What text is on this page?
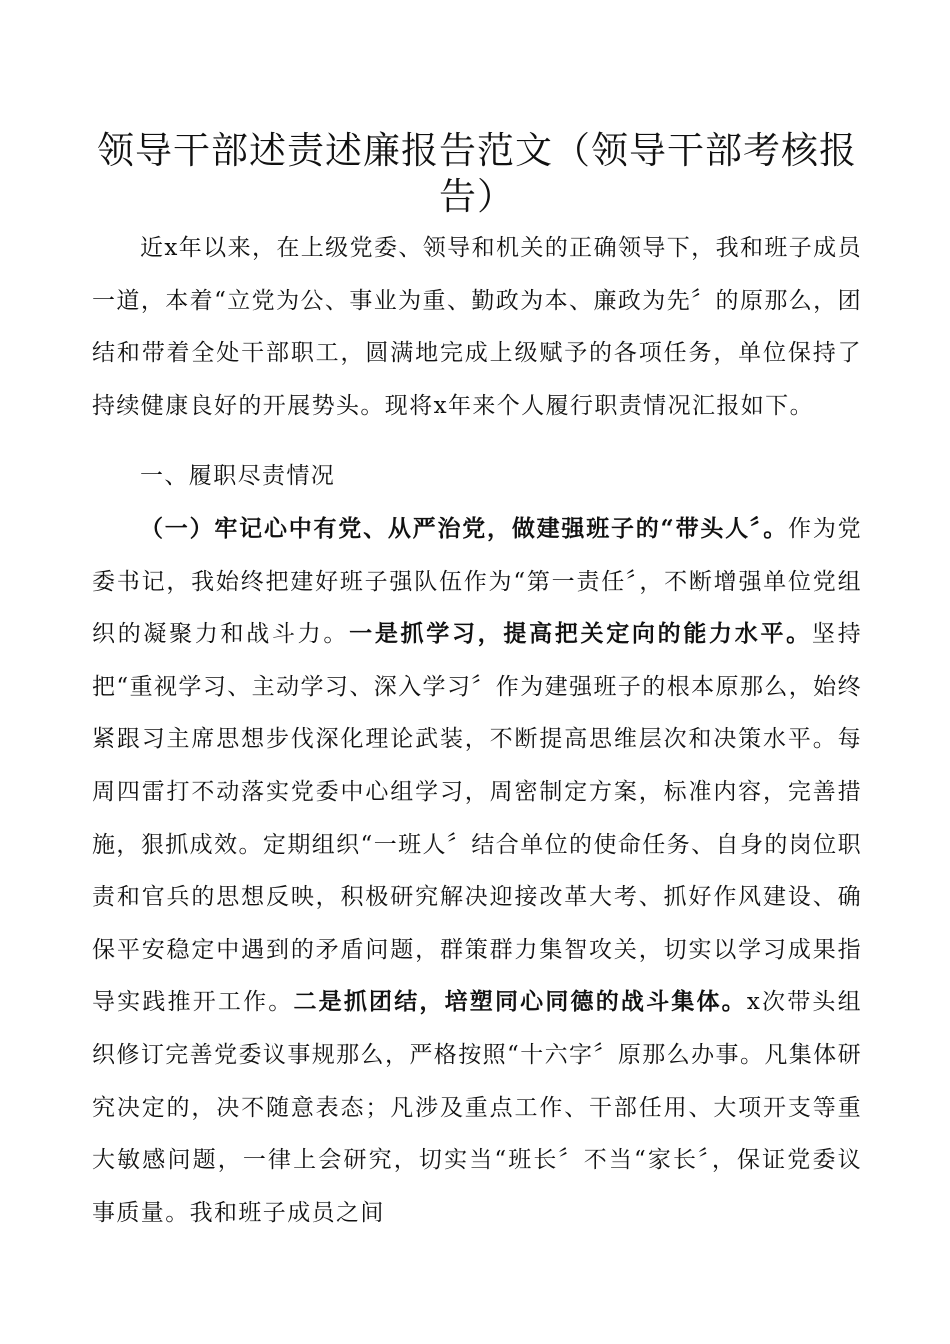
领导干部述责述廉报告范文（领导干部考核报
告）

近x年以来，在上级党委、领导和机关的正确领导下，我和班子成员一道，本着“立党为公、事业为重、勤政为本、廉政为先〞的原那么，团结和带着全处干部职工，圆满地完成上级赋予的各项任务，单位保持了持续健康良好的开展势头。现将x年来个人履行职责情况汇报如下。

一、履职尽责情况

（一）牢记心中有党、从严治党，做建强班子的“带头人〞。作为党委书记，我始终把建好班子强队伍作为“第一责任〞，不断增强单位党组织的凝聚力和战斗力。一是抓学习，提高把关定向的能力水平。坚持把“重视学习、主动学习、深入学习〞作为建强班子的根本原那么，始终紧跟习主席思想步伐深化理论武装，不断提高思维层次和决策水平。每周四雷打不动落实党委中心组学习，周密制定方案，标准内容，完善措施，狠抓成效。定期组织“一班人〞结合单位的使命任务、自身的岗位职责和官兵的思想反映，积极研究解决迎接改革大考、抓好作风建设、确保平安稳定中遇到的矛盾问题，群策群力集智攻关，切实以学习成果指导实践推开工作。二是抓团结，培塑同心同德的战斗集体。x次带头组织修订完善党委议事规那么，严格按照“十六字〞原那么办事。凡集体研究决定的，决不随意表态；凡涉及重点工作、干部任用、大项开支等重大敏感问题，一律上会研究，切实当“班长〞不当“家长〞，保证党委议事质量。我和班子成员之间
